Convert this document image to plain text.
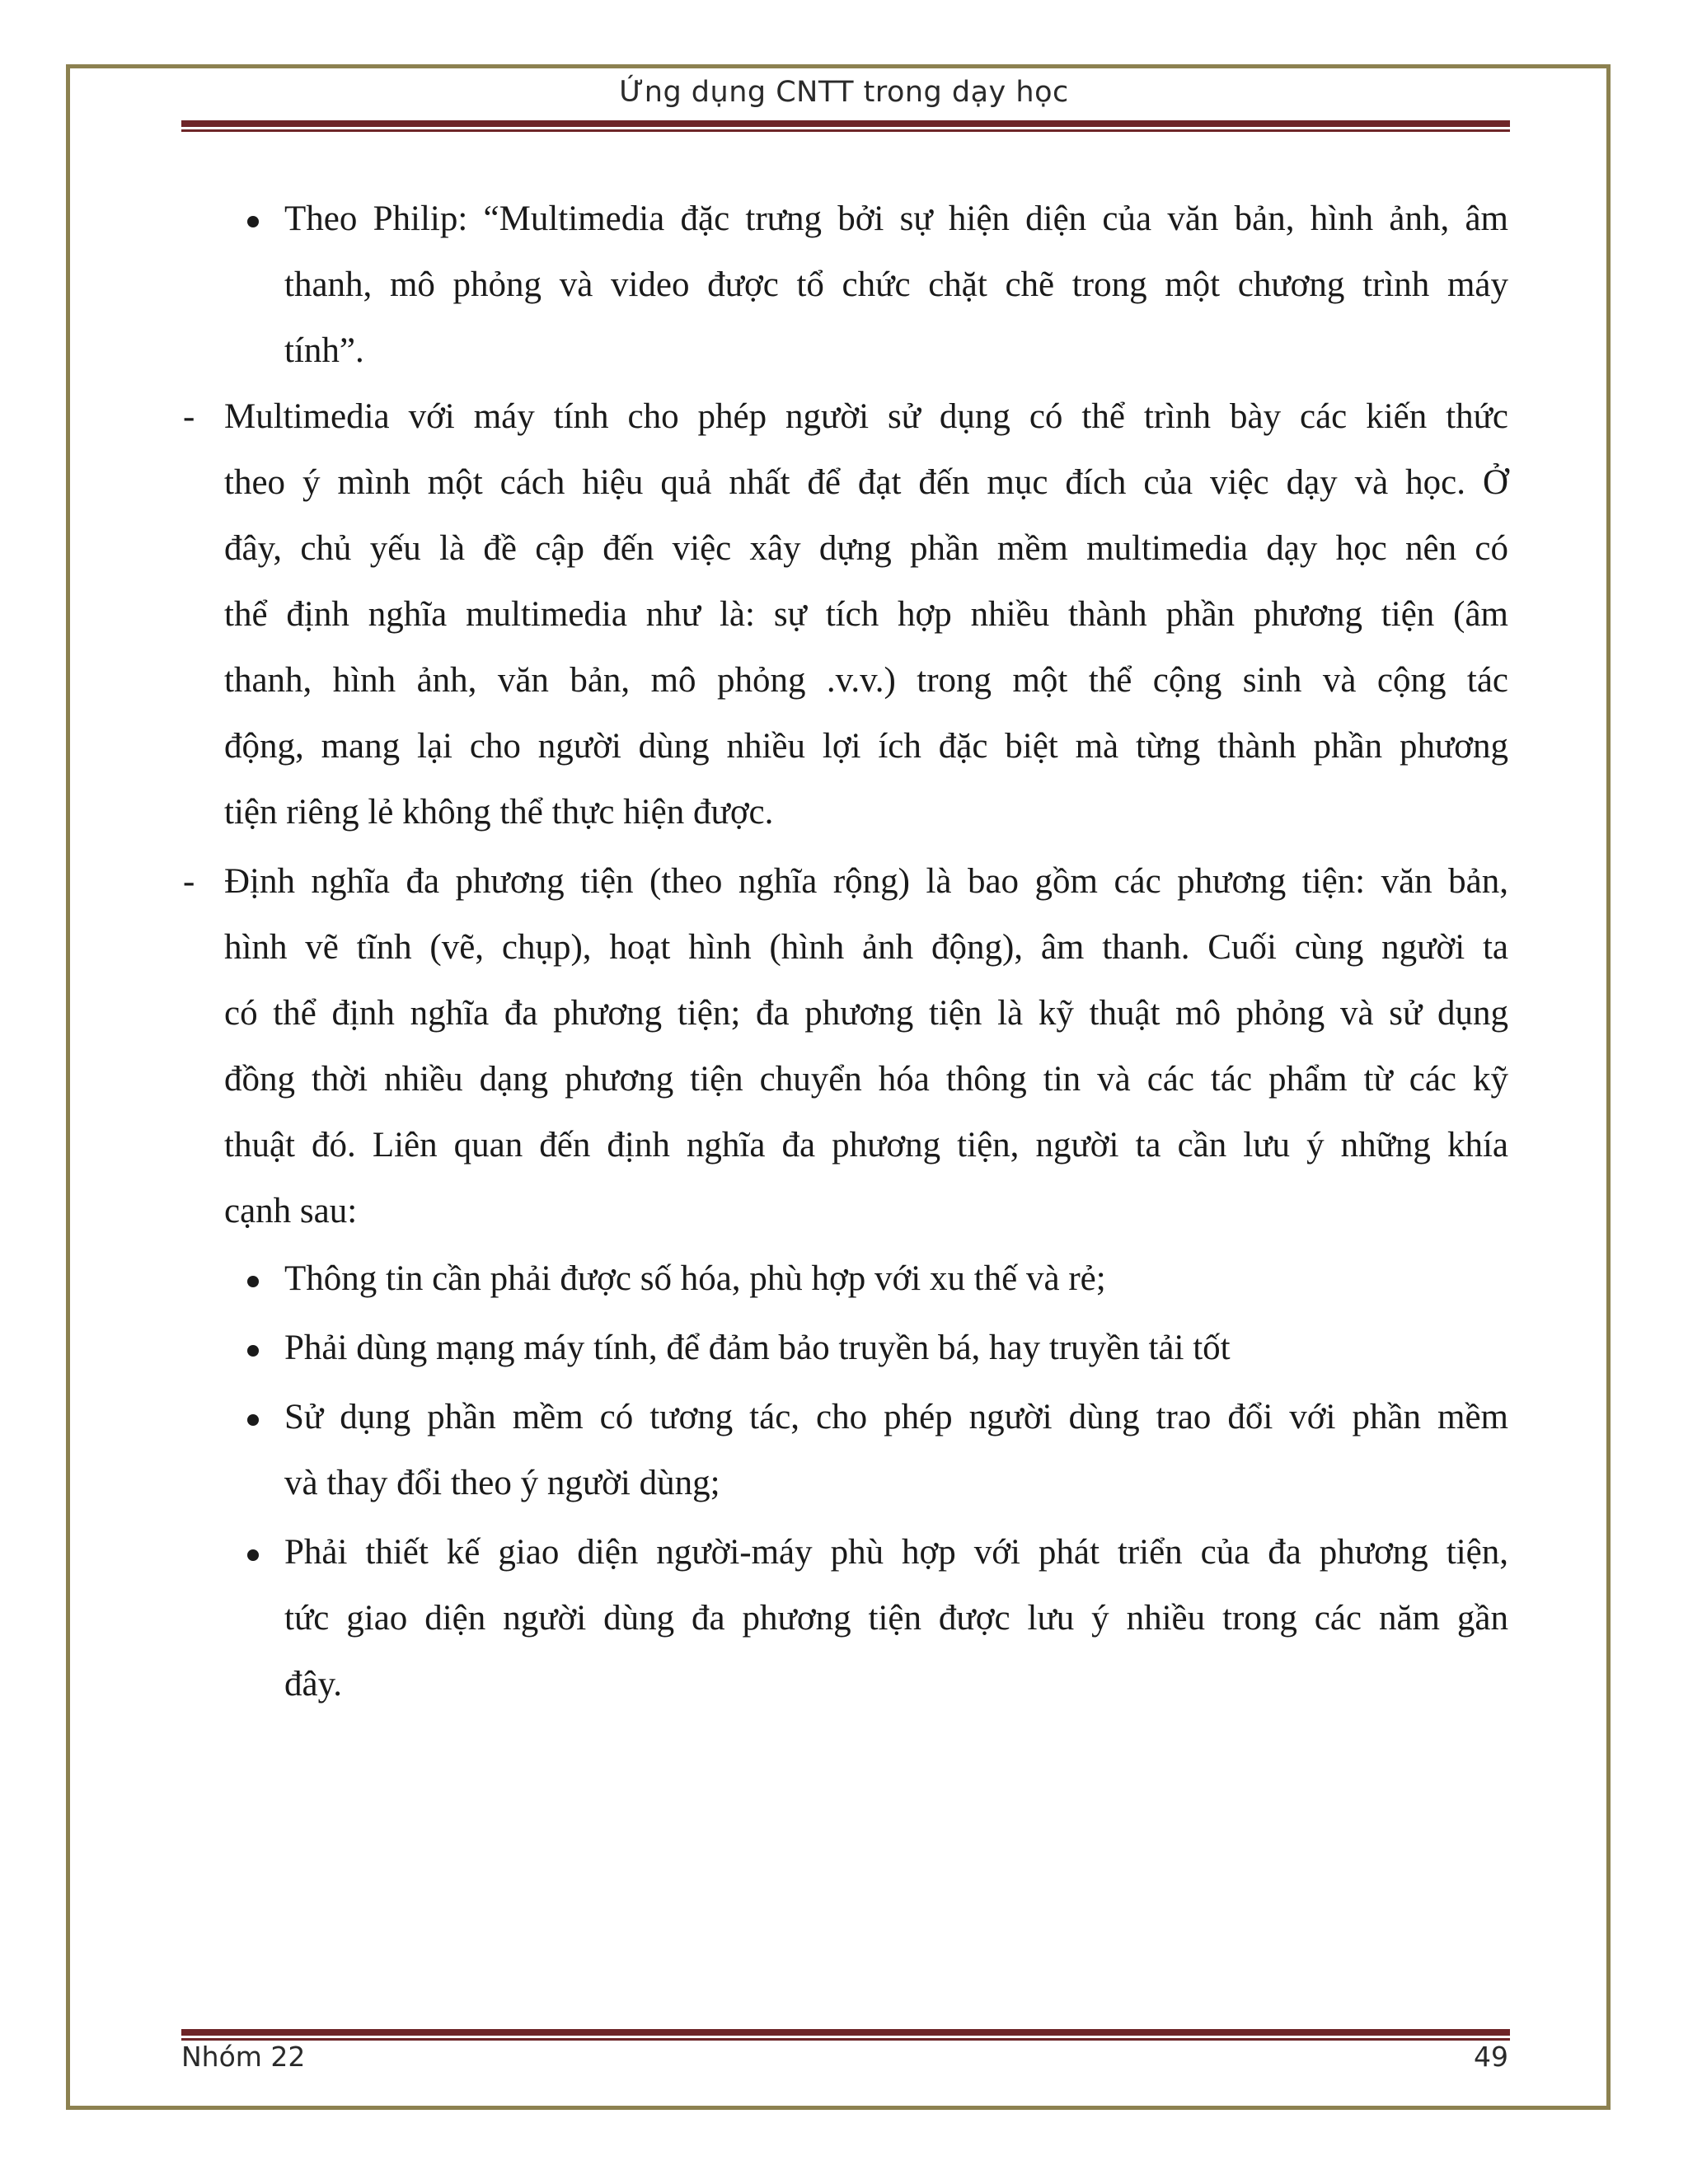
Ứng dụng CNTT trong dạy học
Theo Philip: “Multimedia đặc trưng bởi sự hiện diện của văn bản, hình ảnh, âm
thanh, mô phỏng và video được tổ chức chặt chẽ trong một chương trình máy
tính”.
- Multimedia với máy tính cho phép người sử dụng có thể trình bày các kiến thức
theo ý mình một cách hiệu quả nhất để đạt đến mục đích của việc dạy và học. Ở
đây, chủ yếu là đề cập đến việc xây dựng phần mềm multimedia dạy học nên có
thể định nghĩa multimedia như là: sự tích hợp nhiều thành phần phương tiện (âm
thanh, hình ảnh, văn bản, mô phỏng .v.v.) trong một thể cộng sinh và cộng tác
động, mang lại cho người dùng nhiều lợi ích đặc biệt mà từng thành phần phương
tiện riêng lẻ không thể thực hiện được.
- Định nghĩa đa phương tiện (theo nghĩa rộng) là bao gồm các phương tiện: văn bản,
hình vẽ tĩnh (vẽ, chụp), hoạt hình (hình ảnh động), âm thanh. Cuối cùng người ta
có thể định nghĩa đa phương tiện; đa phương tiện là kỹ thuật mô phỏng và sử dụng
đồng thời nhiều dạng phương tiện chuyển hóa thông tin và các tác phẩm từ các kỹ
thuật đó. Liên quan đến định nghĩa đa phương tiện, người ta cần lưu ý những khía
cạnh sau:
Thông tin cần phải được số hóa, phù hợp với xu thế và rẻ;
Phải dùng mạng máy tính, để đảm bảo truyền bá, hay truyền tải tốt
Sử dụng phần mềm có tương tác, cho phép người dùng trao đổi với phần mềm
và thay đổi theo ý người dùng;
Phải thiết kế giao diện người-máy phù hợp với phát triển của đa phương tiện,
tức giao diện người dùng đa phương tiện được lưu ý nhiều trong các năm gần
đây.
Nhóm 22	49
